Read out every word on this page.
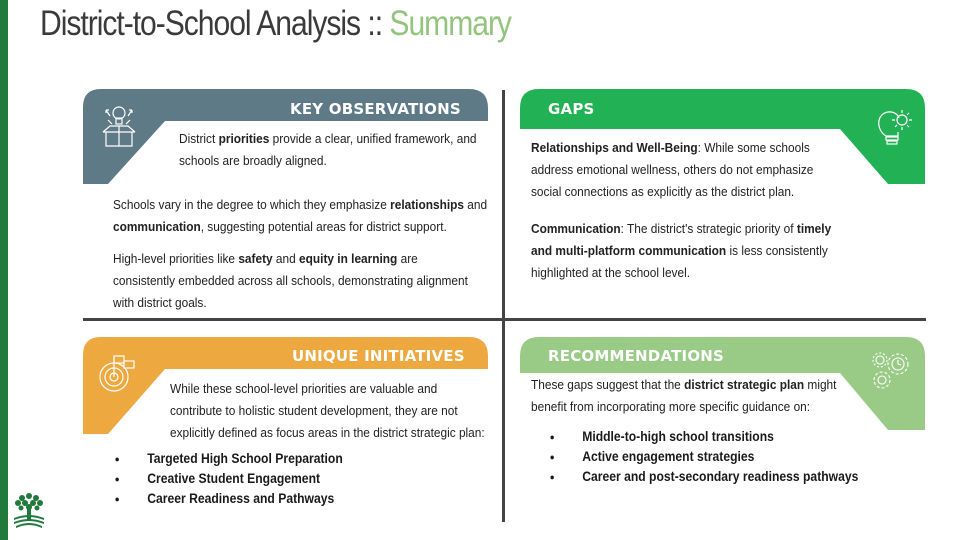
District-to-School Analysis :: Summary
KEY OBSERVATIONS
District priorities provide a clear, unified framework, and schools are broadly aligned.
Schools vary in the degree to which they emphasize relationships and communication, suggesting potential areas for district support.
High-level priorities like safety and equity in learning are consistently embedded across all schools, demonstrating alignment with district goals.
GAPS
Relationships and Well-Being: While some schools address emotional wellness, others do not emphasize social connections as explicitly as the district plan.
Communication: The district's strategic priority of timely and multi-platform communication is less consistently highlighted at the school level.
UNIQUE INITIATIVES
While these school-level priorities are valuable and contribute to holistic student development, they are not explicitly defined as focus areas in the district strategic plan:
● Targeted High School Preparation
● Creative Student Engagement
● Career Readiness and Pathways
RECOMMENDATIONS
These gaps suggest that the district strategic plan might benefit from incorporating more specific guidance on:
● Middle-to-high school transitions
● Active engagement strategies
● Career and post-secondary readiness pathways
